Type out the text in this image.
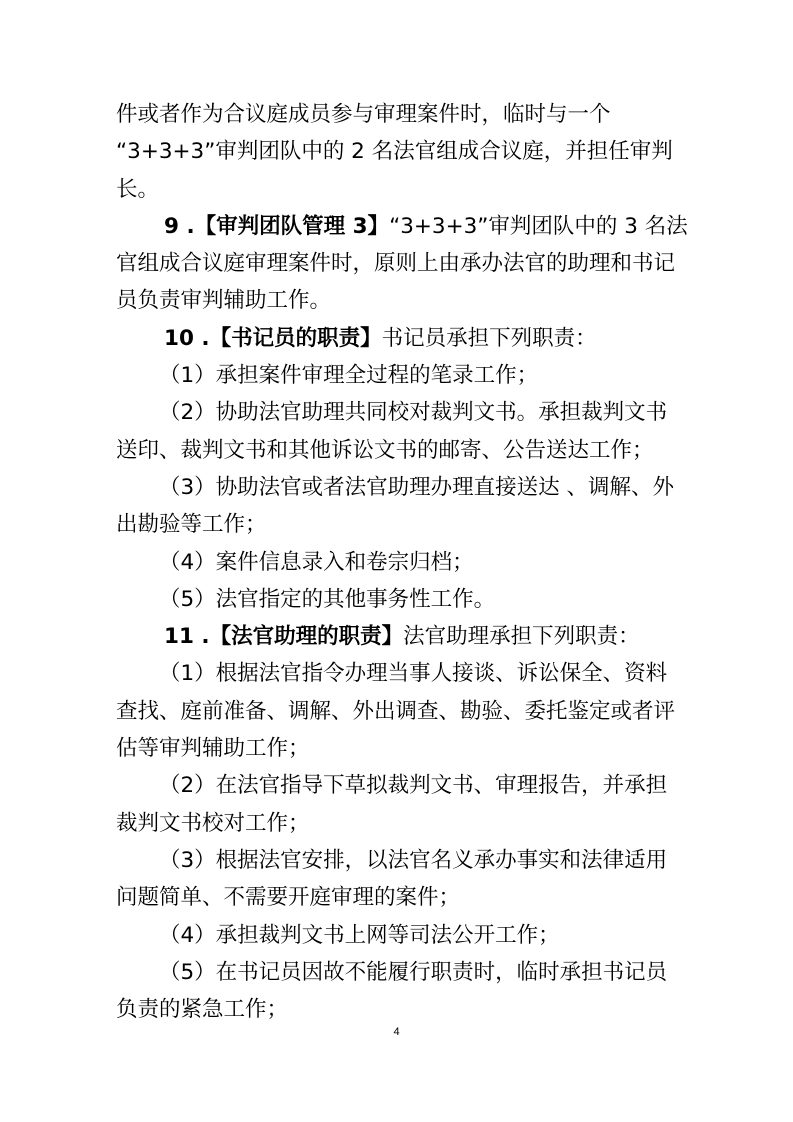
件或者作为合议庭成员参与审理案件时，临时与一个
“3+3+3”审判团队中的 2 名法官组成合议庭，并担任审判
长。
9 .【审判团队管理 3】“3+3+3”审判团队中的 3 名法
官组成合议庭审理案件时，原则上由承办法官的助理和书记
员负责审判辅助工作。
10 .【书记员的职责】书记员承担下列职责：
（1）承担案件审理全过程的笔录工作；
（2）协助法官助理共同校对裁判文书。承担裁判文书
送印、裁判文书和其他诉讼文书的邮寄、公告送达工作；
（3）协助法官或者法官助理办理直接送达 、调解、外
出勘验等工作；
（4）案件信息录入和卷宗归档；
（5）法官指定的其他事务性工作。
11 .【法官助理的职责】法官助理承担下列职责：
（1）根据法官指令办理当事人接谈、诉讼保全、资料
查找、庭前准备、调解、外出调查、勘验、委托鉴定或者评
估等审判辅助工作；
（2）在法官指导下草拟裁判文书、审理报告，并承担
裁判文书校对工作；
（3）根据法官安排，以法官名义承办事实和法律适用
问题简单、不需要开庭审理的案件；
（4）承担裁判文书上网等司法公开工作；
（5）在书记员因故不能履行职责时，临时承担书记员
负责的紧急工作；
4
